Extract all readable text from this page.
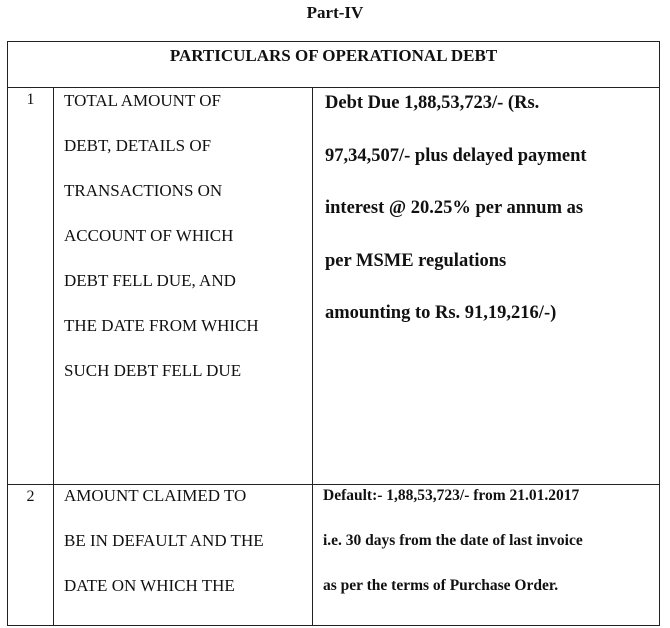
Part-IV
PARTICULARS OF OPERATIONAL DEBT
1	TOTAL AMOUNT OF
DEBT, DETAILS OF
TRANSACTIONS ON
ACCOUNT OF WHICH
DEBT FELL DUE, AND
THE DATE FROM WHICH
SUCH DEBT FELL DUE
Debt Due 1,88,53,723/- (Rs.
97,34,507/- plus delayed payment
interest @ 20.25% per annum as
per MSME regulations
amounting to Rs. 91,19,216/-)
2	AMOUNT CLAIMED TO
BE IN DEFAULT AND THE
DATE ON WHICH THE
Default:- 1,88,53,723/- from 21.01.2017
i.e. 30 days from the date of last invoice
as per the terms of Purchase Order.
